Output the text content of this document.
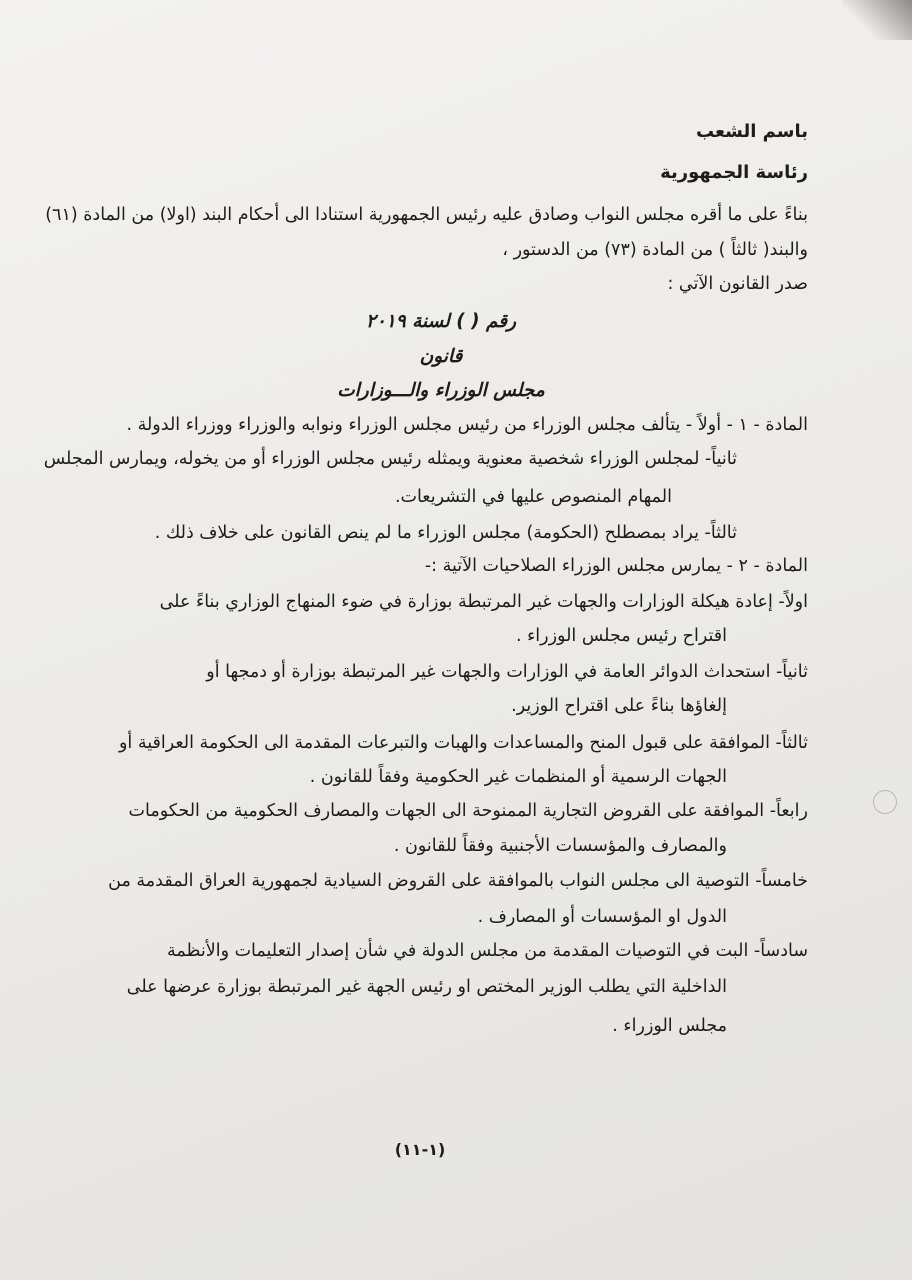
باسم الشعب
رئاسة الجمهورية
بناءً على ما أقره مجلس النواب وصادق عليه رئيس الجمهورية استنادا الى أحكام البند (اولا) من المادة (٦١)
والبند( ثالثاً ) من المادة (٧٣) من الدستور ،
صدر القانون الآتي :
رقم ( ) لسنة ٢٠١٩
قانون
مجلس الوزراء والـــوزارات
المادة - ١ - أولاً - يتألف مجلس الوزراء من رئيس مجلس الوزراء ونوابه والوزراء ووزراء الدولة .
ثانياً- لمجلس الوزراء شخصية معنوية ويمثله رئيس مجلس الوزراء أو من يخوله، ويمارس المجلس
المهام المنصوص عليها في التشريعات.
ثالثاً- يراد بمصطلح (الحكومة) مجلس الوزراء ما لم ينص القانون على خلاف ذلك .
المادة - ٢ - يمارس مجلس الوزراء الصلاحيات الآتية :-
اولاً- إعادة هيكلة الوزارات والجهات غير المرتبطة بوزارة في ضوء المنهاج الوزاري بناءً على
اقتراح رئيس مجلس الوزراء .
ثانياً- استحداث الدوائر العامة في الوزارات والجهات غير المرتبطة بوزارة أو دمجها أو
إلغاؤها بناءً على اقتراح الوزير.
ثالثاً- الموافقة على قبول المنح والمساعدات والهبات والتبرعات المقدمة الى الحكومة العراقية أو
الجهات الرسمية أو المنظمات غير الحكومية وفقاً للقانون .
رابعاً- الموافقة على القروض التجارية الممنوحة الى الجهات والمصارف الحكومية من الحكومات
والمصارف والمؤسسات الأجنبية وفقاً للقانون .
خامساً- التوصية الى مجلس النواب بالموافقة على القروض السيادية لجمهورية العراق المقدمة من
الدول او المؤسسات أو المصارف .
سادساً- البت في التوصيات المقدمة من مجلس الدولة في شأن إصدار التعليمات والأنظمة
الداخلية التي يطلب الوزير المختص او رئيس الجهة غير المرتبطة بوزارة عرضها على
مجلس الوزراء .
(١-١١)
